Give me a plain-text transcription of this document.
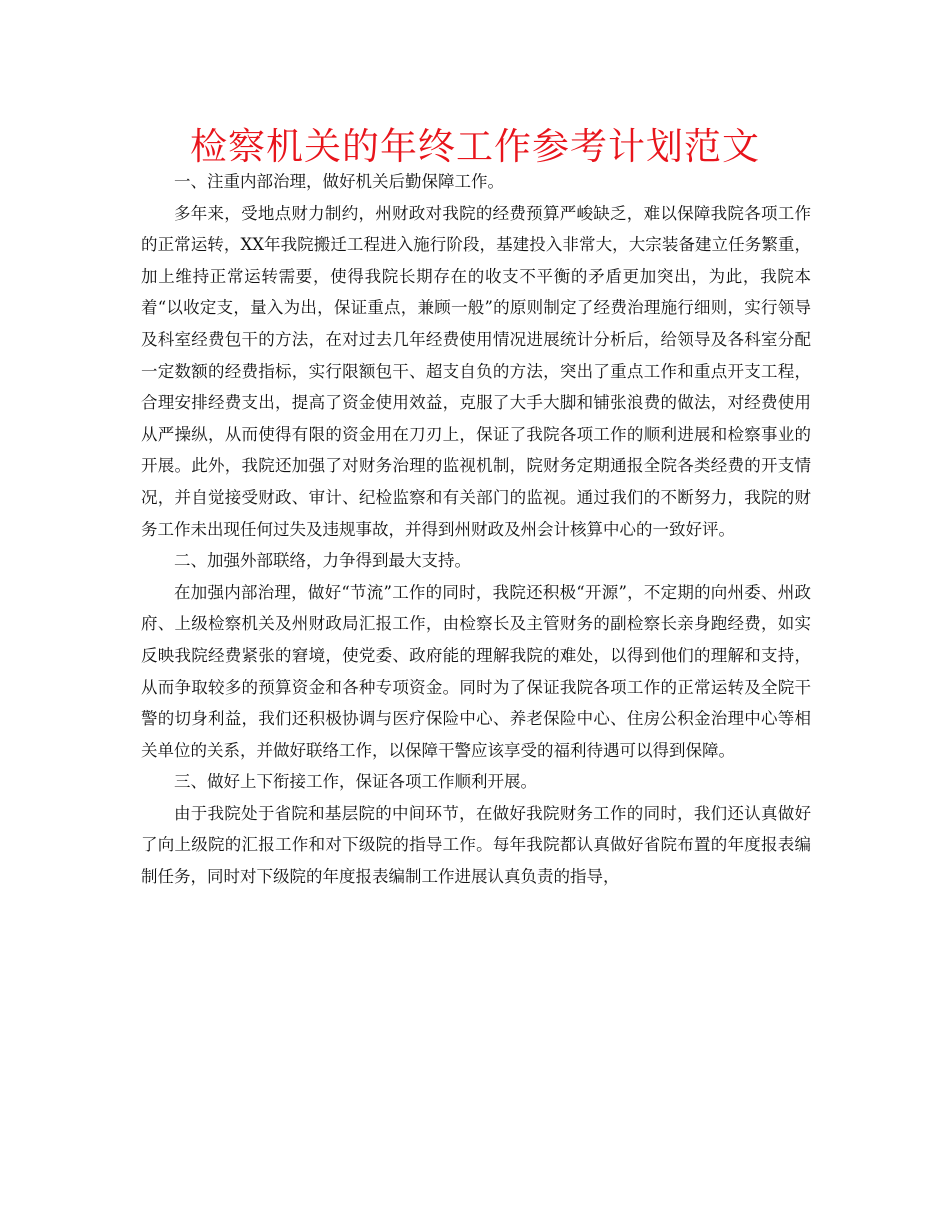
检察机关的年终工作参考计划范文

一、注重内部治理，做好机关后勤保障工作。

多年来，受地点财力制约，州财政对我院的经费预算严峻缺乏，难以保障我院各项工作的正常运转，XX年我院搬迁工程进入施行阶段，基建投入非常大，大宗装备建立任务繁重，加上维持正常运转需要，使得我院长期存在的收支不平衡的矛盾更加突出，为此，我院本着“以收定支，量入为出，保证重点，兼顾一般”的原则制定了经费治理施行细则，实行领导及科室经费包干的方法，在对过去几年经费使用情况进展统计分析后，给领导及各科室分配一定数额的经费指标，实行限额包干、超支自负的方法，突出了重点工作和重点开支工程，合理安排经费支出，提高了资金使用效益，克服了大手大脚和铺张浪费的做法，对经费使用从严操纵，从而使得有限的资金用在刀刃上，保证了我院各项工作的顺利进展和检察事业的开展。此外，我院还加强了对财务治理的监视机制，院财务定期通报全院各类经费的开支情况，并自觉接受财政、审计、纪检监察和有关部门的监视。通过我们的不断努力，我院的财务工作未出现任何过失及违规事故，并得到州财政及州会计核算中心的一致好评。

二、加强外部联络，力争得到最大支持。

在加强内部治理，做好“节流”工作的同时，我院还积极“开源”，不定期的向州委、州政府、上级检察机关及州财政局汇报工作，由检察长及主管财务的副检察长亲身跑经费，如实反映我院经费紧张的窘境，使党委、政府能的理解我院的难处，以得到他们的理解和支持，从而争取较多的预算资金和各种专项资金。同时为了保证我院各项工作的正常运转及全院干警的切身利益，我们还积极协调与医疗保险中心、养老保险中心、住房公积金治理中心等相关单位的关系，并做好联络工作，以保障干警应该享受的福利待遇可以得到保障。

三、做好上下衔接工作，保证各项工作顺利开展。

由于我院处于省院和基层院的中间环节，在做好我院财务工作的同时，我们还认真做好了向上级院的汇报工作和对下级院的指导工作。每年我院都认真做好省院布置的年度报表编制任务，同时对下级院的年度报表编制工作进展认真负责的指导，
